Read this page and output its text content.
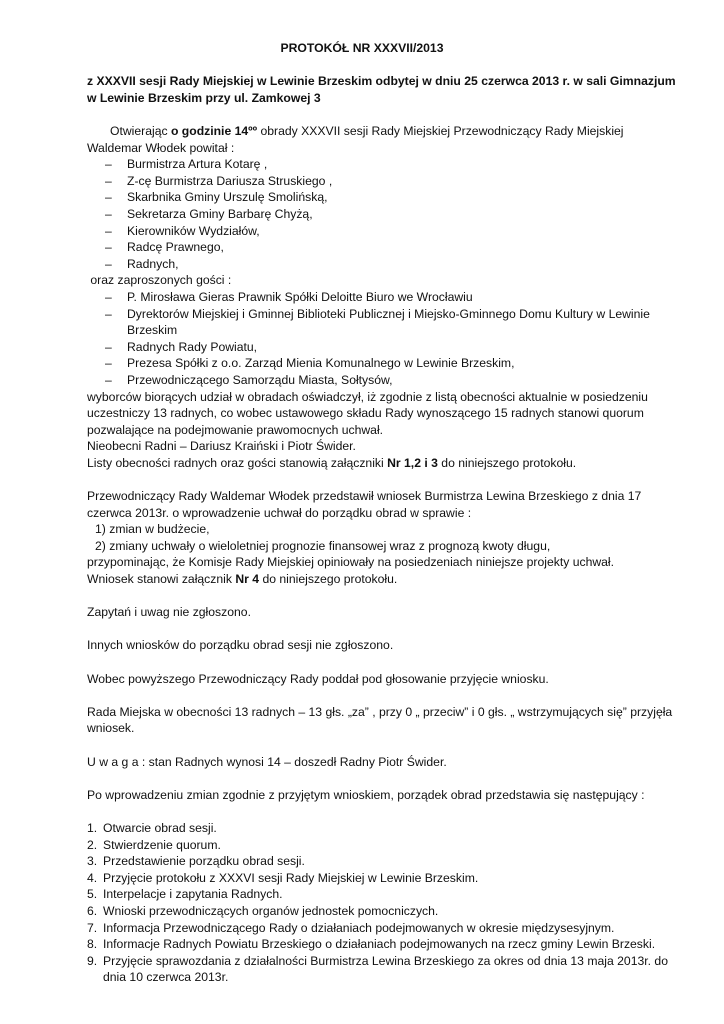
PROTOKÓŁ NR XXXVII/2013
z XXXVII sesji Rady Miejskiej w Lewinie Brzeskim odbytej w dniu 25 czerwca 2013 r. w sali Gimnazjum w Lewinie Brzeskim przy ul. Zamkowej 3

Otwierając o godzinie 14ºº obrady XXXVII sesji Rady Miejskiej Przewodniczący Rady Miejskiej Waldemar Włodek powitał :

– Burmistrza Artura Kotarę ,
– Z-cę Burmistrza Dariusza Struskiego ,
– Skarbnika Gminy Urszulę Smolińską,
– Sekretarza Gminy Barbarę Chyżą,
– Kierowników Wydziałów,
– Radcę Prawnego,
– Radnych,

oraz zaproszonych gości :

– P. Mirosława Gieras Prawnik Spółki Deloitte Biuro we Wrocławiu
– Dyrektorów Miejskiej i Gminnej Biblioteki Publicznej i Miejsko-Gminnego Domu Kultury w Lewinie Brzeskim
– Radnych Rady Powiatu,
– Prezesa Spółki z o.o. Zarząd Mienia Komunalnego w Lewinie Brzeskim,
– Przewodniczącego Samorządu Miasta, Sołtysów,

wyborców biorących udział w obradach oświadczył, iż zgodnie z listą obecności aktualnie w posiedzeniu uczestniczy 13 radnych, co wobec ustawowego składu Rady wynoszącego 15 radnych stanowi quorum pozwalające na podejmowanie prawomocnych uchwał.

Nieobecni Radni – Dariusz Kraiński i Piotr Świder.

Listy obecności radnych oraz gości stanowią załączniki Nr 1,2 i 3 do niniejszego protokołu.

Przewodniczący Rady Waldemar Włodek przedstawił wniosek Burmistrza Lewina Brzeskiego z dnia 17 czerwca 2013r. o wprowadzenie uchwał do porządku obrad w sprawie :

1) zmian w budżecie,

2) zmiany uchwały o wieloletniej prognozie finansowej wraz z prognozą kwoty długu,

przypominając, że Komisje Rady Miejskiej opiniowały na posiedzeniach niniejsze projekty uchwał.

Wniosek stanowi załącznik Nr 4 do niniejszego protokołu.

Zapytań i uwag nie zgłoszono.

Innych wniosków do porządku obrad sesji nie zgłoszono.

Wobec powyższego Przewodniczący Rady poddał pod głosowanie przyjęcie wniosku.

Rada Miejska w obecności 13 radnych – 13 głs. „za” , przy 0 „ przeciw” i 0 głs. „ wstrzymujących się” przyjęła wniosek.

U w a g a : stan Radnych wynosi 14 – doszedł Radny Piotr Świder.

Po wprowadzeniu zmian zgodnie z przyjętym wnioskiem, porządek obrad przedstawia się następujący :

1. Otwarcie obrad sesji.
2. Stwierdzenie quorum.
3. Przedstawienie porządku obrad sesji.
4. Przyjęcie protokołu z XXXVI sesji Rady Miejskiej w Lewinie Brzeskim.
5. Interpelacje i zapytania Radnych.
6. Wnioski przewodniczących organów jednostek pomocniczych.
7. Informacja Przewodniczącego Rady o działaniach podejmowanych w okresie międzysesyjnym.
8. Informacje Radnych Powiatu Brzeskiego o działaniach podejmowanych na rzecz gminy Lewin Brzeski.
9. Przyjęcie sprawozdania z działalności Burmistrza Lewina Brzeskiego za okres od dnia 13 maja 2013r. do dnia 10 czerwca 2013r.
